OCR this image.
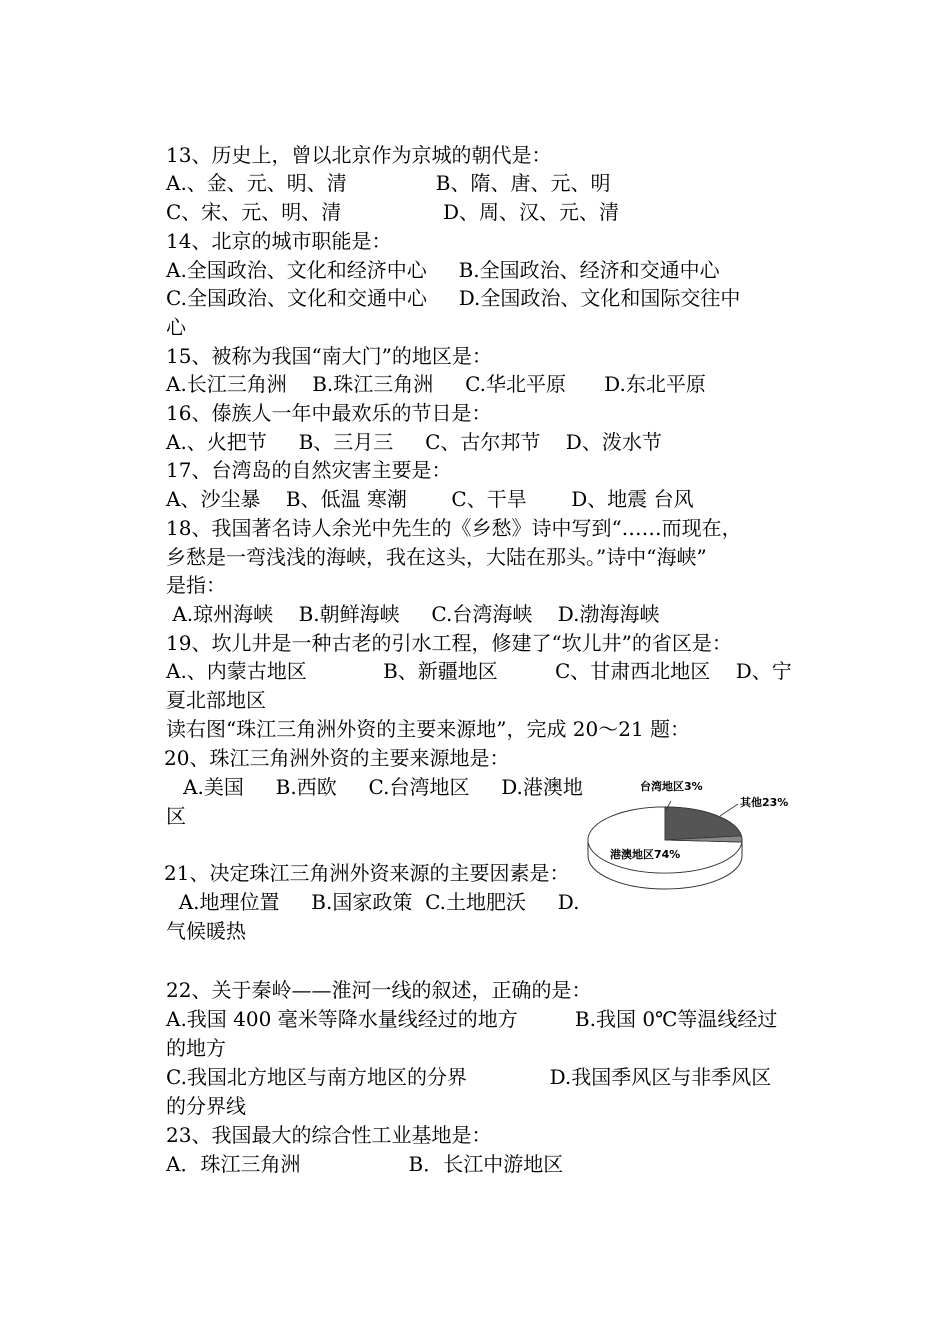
13、历史上，曾以北京作为京城的朝代是：
A.、金、元、明、清              B、隋、唐、元、明
C、宋、元、明、清                D、周、汉、元、清
14、北京的城市职能是：
A.全国政治、文化和经济中心     B.全国政治、经济和交通中心
C.全国政治、文化和交通中心     D.全国政治、文化和国际交往中
心
15、被称为我国“南大门”的地区是：
A.长江三角洲    B.珠江三角洲     C.华北平原      D.东北平原
16、傣族人一年中最欢乐的节日是：
A.、火把节     B、三月三     C、古尔邦节    D、泼水节
17、台湾岛的自然灾害主要是：
A、沙尘暴    B、低温 寒潮       C、干旱       D、地震 台风
18、我国著名诗人余光中先生的《乡愁》诗中写到“……而现在，
乡愁是一弯浅浅的海峡，我在这头，大陆在那头。”诗中“海峡”
是指：
A.琼州海峡    B.朝鲜海峡     C.台湾海峡    D.渤海海峡
19、坎儿井是一种古老的引水工程，修建了“坎儿井”的省区是：
A.、内蒙古地区            B、新疆地区         C、甘肃西北地区    D、宁
夏北部地区
读右图“珠江三角洲外资的主要来源地”，完成 20～21 题：
20、珠江三角洲外资的主要来源地是：
A.美国     B.西欧     C.台湾地区     D.港澳地
区
21、决定珠江三角洲外资来源的主要因素是：
A.地理位置     B.国家政策  C.土地肥沃     D.
气候暖热
22、关于秦岭——淮河一线的叙述，正确的是：
A.我国 400 毫米等降水量线经过的地方         B.我国 0℃等温线经过
的地方
C.我国北方地区与南方地区的分界             D.我国季风区与非季风区
的分界线
23、我国最大的综合性工业基地是：
A．珠江三角洲                 B．长江中游地区
台湾地区3%
其他23%
港澳地区74%
